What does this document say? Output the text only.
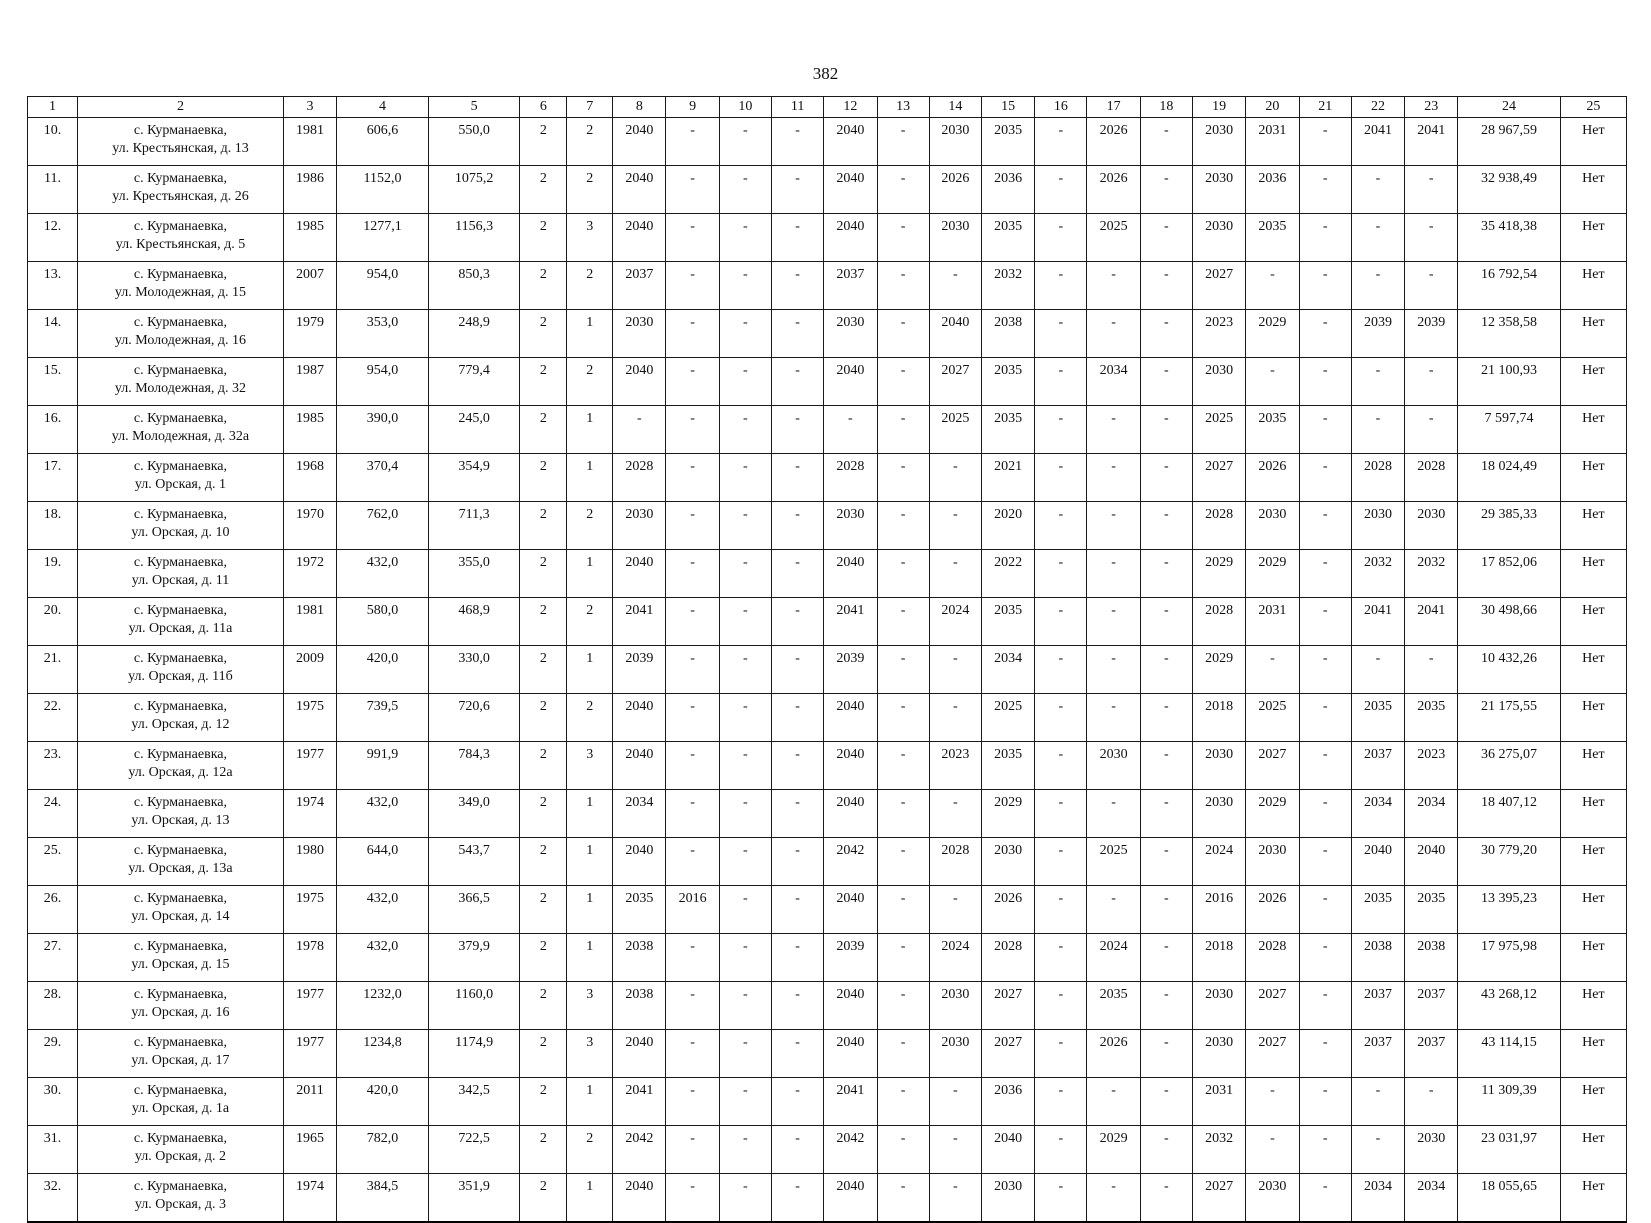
382
1	2	3	4	5	6	7	8	9	10	11	12	13	14	15	16	17	18	19	20	21	22	23	24	25
10.	с. Курманаевка,
ул. Крестьянская, д. 13	1981	606,6	550,0	2	2	2040	-	-	-	2040	-	2030	2035	-	2026	-	2030	2031	-	2041	2041	28 967,59	Нет
11.	с. Курманаевка,
ул. Крестьянская, д. 26	1986	1152,0	1075,2	2	2	2040	-	-	-	2040	-	2026	2036	-	2026	-	2030	2036	-	-	-	32 938,49	Нет
12.	с. Курманаевка,
ул. Крестьянская, д. 5	1985	1277,1	1156,3	2	3	2040	-	-	-	2040	-	2030	2035	-	2025	-	2030	2035	-	-	-	35 418,38	Нет
13.	с. Курманаевка,
ул. Молодежная, д. 15	2007	954,0	850,3	2	2	2037	-	-	-	2037	-	-	2032	-	-	-	2027	-	-	-	-	16 792,54	Нет
14.	с. Курманаевка,
ул. Молодежная, д. 16	1979	353,0	248,9	2	1	2030	-	-	-	2030	-	2040	2038	-	-	-	2023	2029	-	2039	2039	12 358,58	Нет
15.	с. Курманаевка,
ул. Молодежная, д. 32	1987	954,0	779,4	2	2	2040	-	-	-	2040	-	2027	2035	-	2034	-	2030	-	-	-	-	21 100,93	Нет
16.	с. Курманаевка,
ул. Молодежная, д. 32а	1985	390,0	245,0	2	1	-	-	-	-	-	-	2025	2035	-	-	-	2025	2035	-	-	-	7 597,74	Нет
17.	с. Курманаевка,
ул. Орская, д. 1	1968	370,4	354,9	2	1	2028	-	-	-	2028	-	-	2021	-	-	-	2027	2026	-	2028	2028	18 024,49	Нет
18.	с. Курманаевка,
ул. Орская, д. 10	1970	762,0	711,3	2	2	2030	-	-	-	2030	-	-	2020	-	-	-	2028	2030	-	2030	2030	29 385,33	Нет
19.	с. Курманаевка,
ул. Орская, д. 11	1972	432,0	355,0	2	1	2040	-	-	-	2040	-	-	2022	-	-	-	2029	2029	-	2032	2032	17 852,06	Нет
20.	с. Курманаевка,
ул. Орская, д. 11а	1981	580,0	468,9	2	2	2041	-	-	-	2041	-	2024	2035	-	-	-	2028	2031	-	2041	2041	30 498,66	Нет
21.	с. Курманаевка,
ул. Орская, д. 11б	2009	420,0	330,0	2	1	2039	-	-	-	2039	-	-	2034	-	-	-	2029	-	-	-	-	10 432,26	Нет
22.	с. Курманаевка,
ул. Орская, д. 12	1975	739,5	720,6	2	2	2040	-	-	-	2040	-	-	2025	-	-	-	2018	2025	-	2035	2035	21 175,55	Нет
23.	с. Курманаевка,
ул. Орская, д. 12а	1977	991,9	784,3	2	3	2040	-	-	-	2040	-	2023	2035	-	2030	-	2030	2027	-	2037	2023	36 275,07	Нет
24.	с. Курманаевка,
ул. Орская, д. 13	1974	432,0	349,0	2	1	2034	-	-	-	2040	-	-	2029	-	-	-	2030	2029	-	2034	2034	18 407,12	Нет
25.	с. Курманаевка,
ул. Орская, д. 13а	1980	644,0	543,7	2	1	2040	-	-	-	2042	-	2028	2030	-	2025	-	2024	2030	-	2040	2040	30 779,20	Нет
26.	с. Курманаевка,
ул. Орская, д. 14	1975	432,0	366,5	2	1	2035	2016	-	-	2040	-	-	2026	-	-	-	2016	2026	-	2035	2035	13 395,23	Нет
27.	с. Курманаевка,
ул. Орская, д. 15	1978	432,0	379,9	2	1	2038	-	-	-	2039	-	2024	2028	-	2024	-	2018	2028	-	2038	2038	17 975,98	Нет
28.	с. Курманаевка,
ул. Орская, д. 16	1977	1232,0	1160,0	2	3	2038	-	-	-	2040	-	2030	2027	-	2035	-	2030	2027	-	2037	2037	43 268,12	Нет
29.	с. Курманаевка,
ул. Орская, д. 17	1977	1234,8	1174,9	2	3	2040	-	-	-	2040	-	2030	2027	-	2026	-	2030	2027	-	2037	2037	43 114,15	Нет
30.	с. Курманаевка,
ул. Орская, д. 1а	2011	420,0	342,5	2	1	2041	-	-	-	2041	-	-	2036	-	-	-	2031	-	-	-	-	11 309,39	Нет
31.	с. Курманаевка,
ул. Орская, д. 2	1965	782,0	722,5	2	2	2042	-	-	-	2042	-	-	2040	-	2029	-	2032	-	-	-	2030	23 031,97	Нет
32.	с. Курманаевка,
ул. Орская, д. 3	1974	384,5	351,9	2	1	2040	-	-	-	2040	-	-	2030	-	-	-	2027	2030	-	2034	2034	18 055,65	Нет
